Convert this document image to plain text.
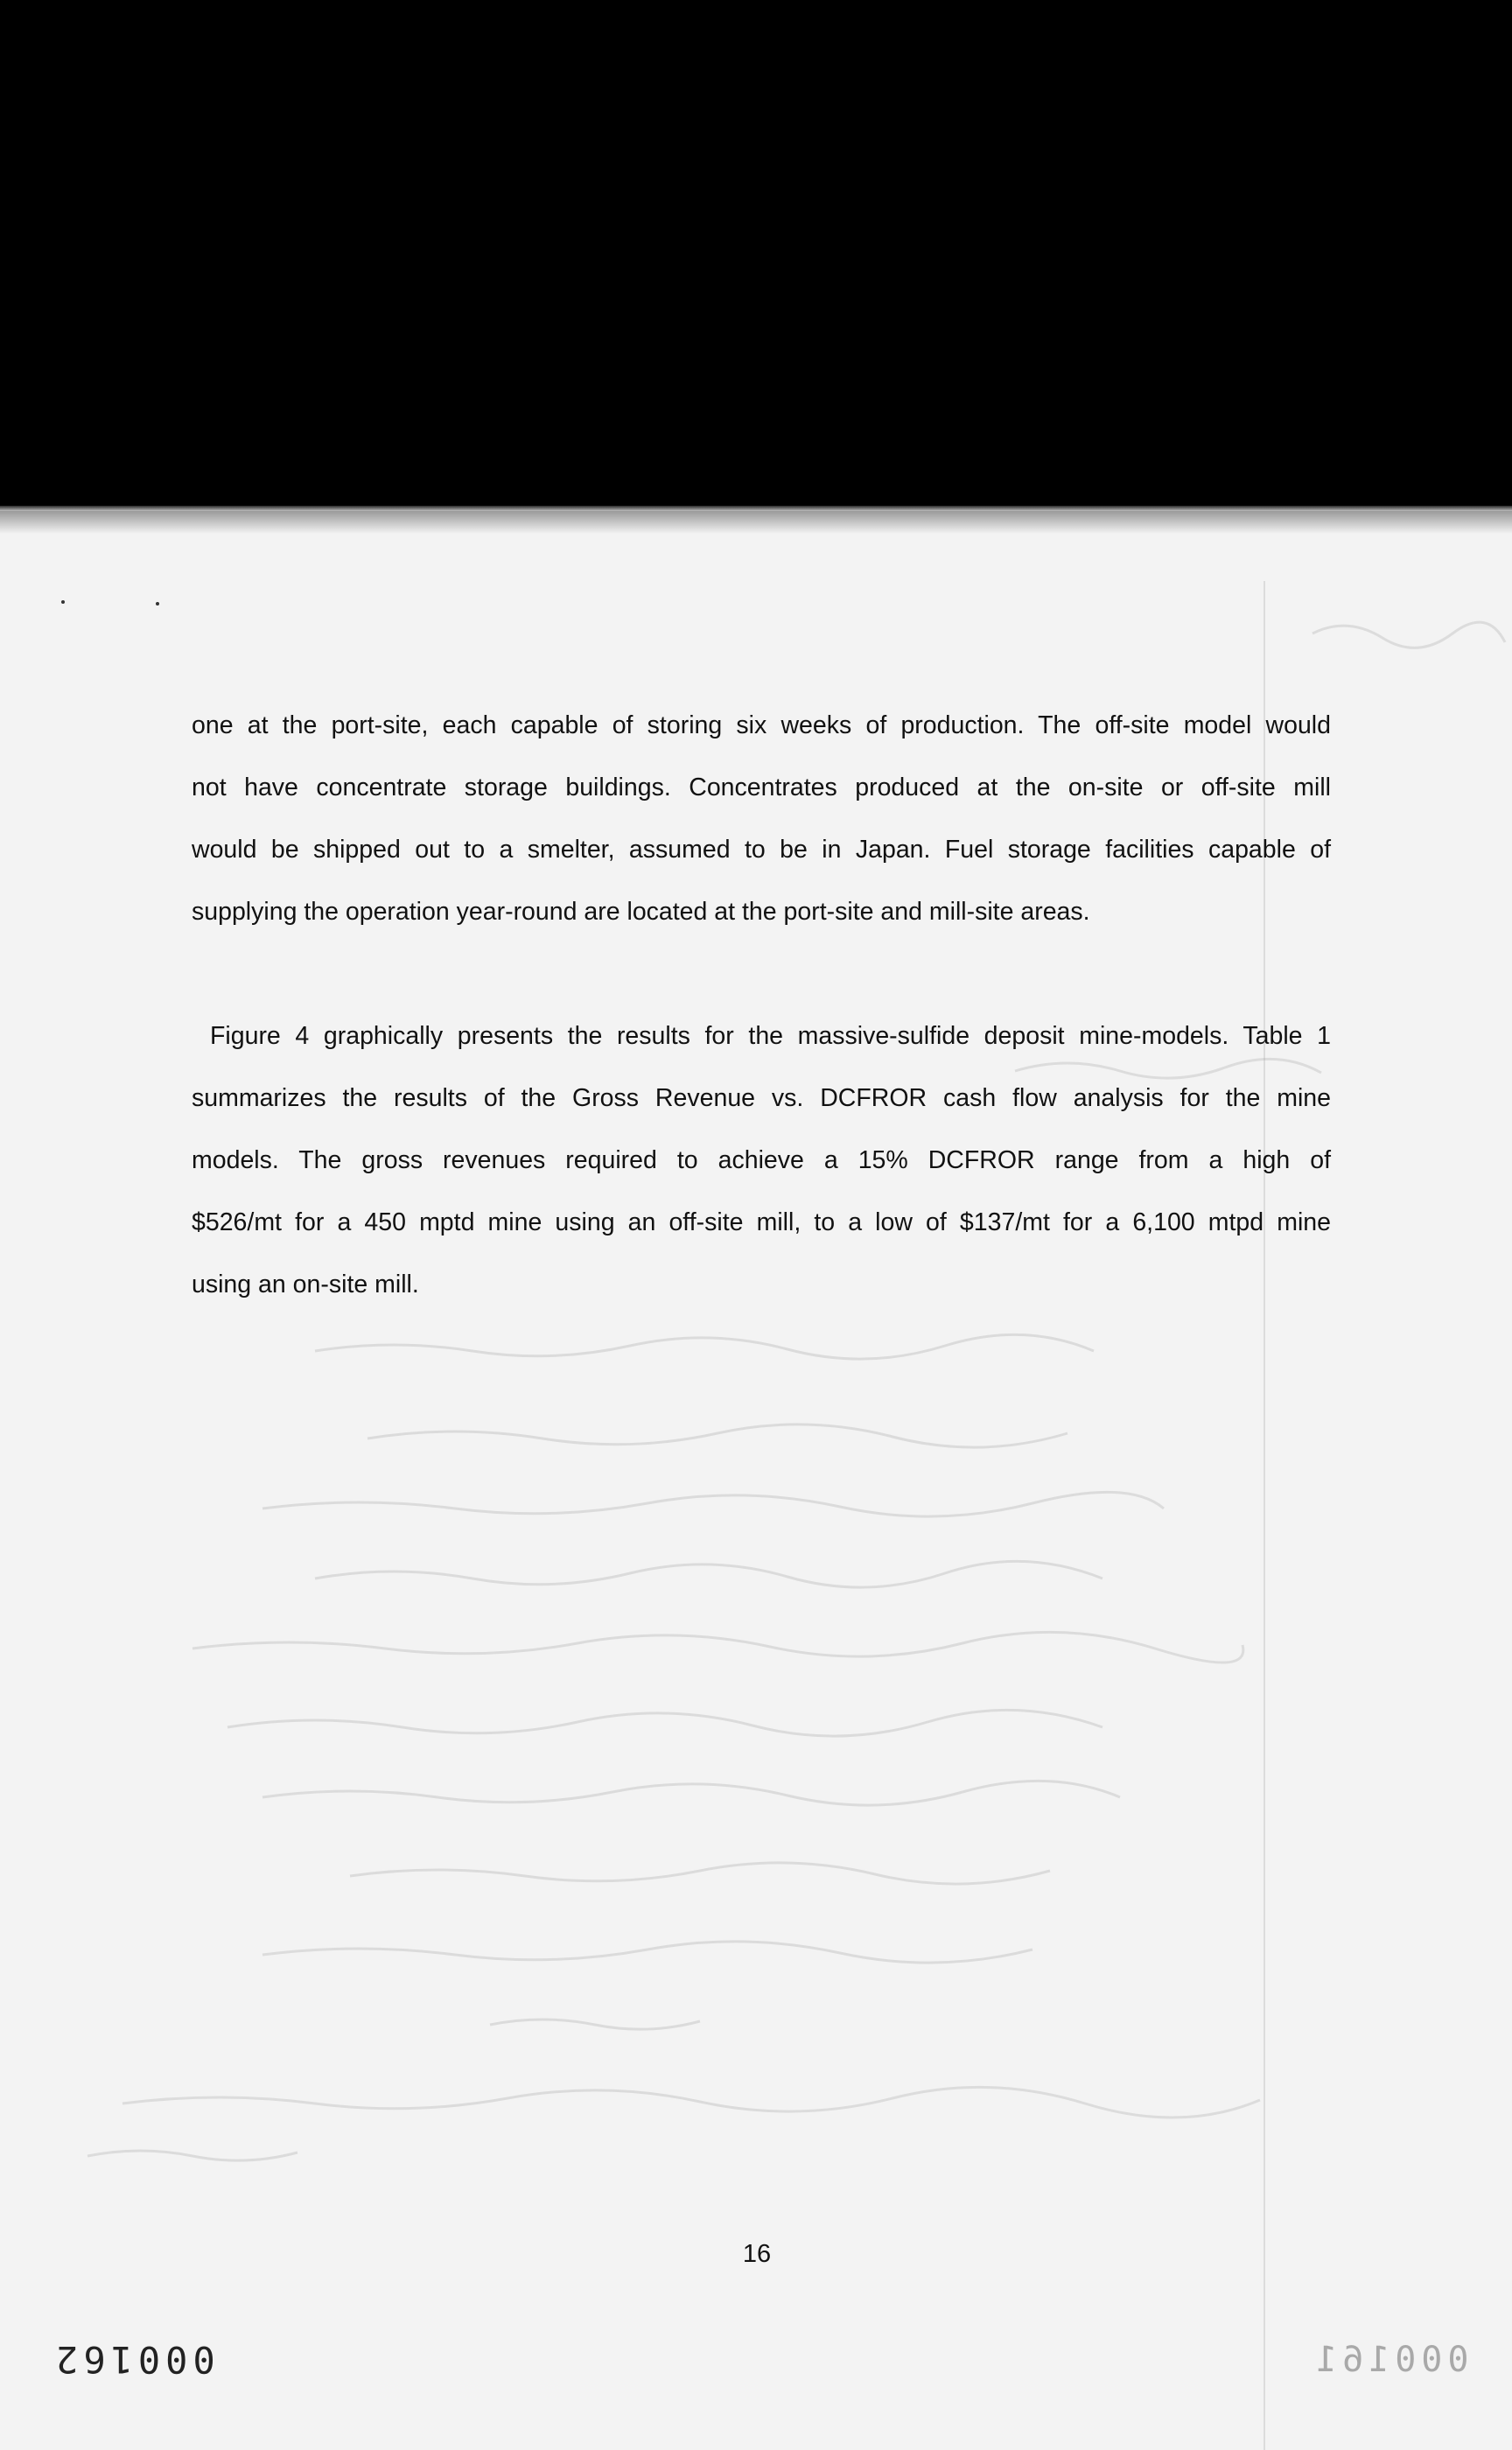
one at the port-site, each capable of storing six weeks of production. The off-site model would

not have concentrate storage buildings. Concentrates produced at the on-site or off-site mill

would be shipped out to a smelter, assumed to be in Japan. Fuel storage facilities capable of

supplying the operation year-round are located at the port-site and mill-site areas.

Figure 4 graphically presents the results for the massive-sulfide deposit mine-models. Table 1

summarizes the results of the Gross Revenue vs. DCFROR cash flow analysis for the mine

models. The gross revenues required to achieve a 15% DCFROR range from a high of

$526/mt for a 450 mptd mine using an off-site mill, to a low of $137/mt for a 6,100 mtpd mine

using an on-site mill.

16
000162	000161
